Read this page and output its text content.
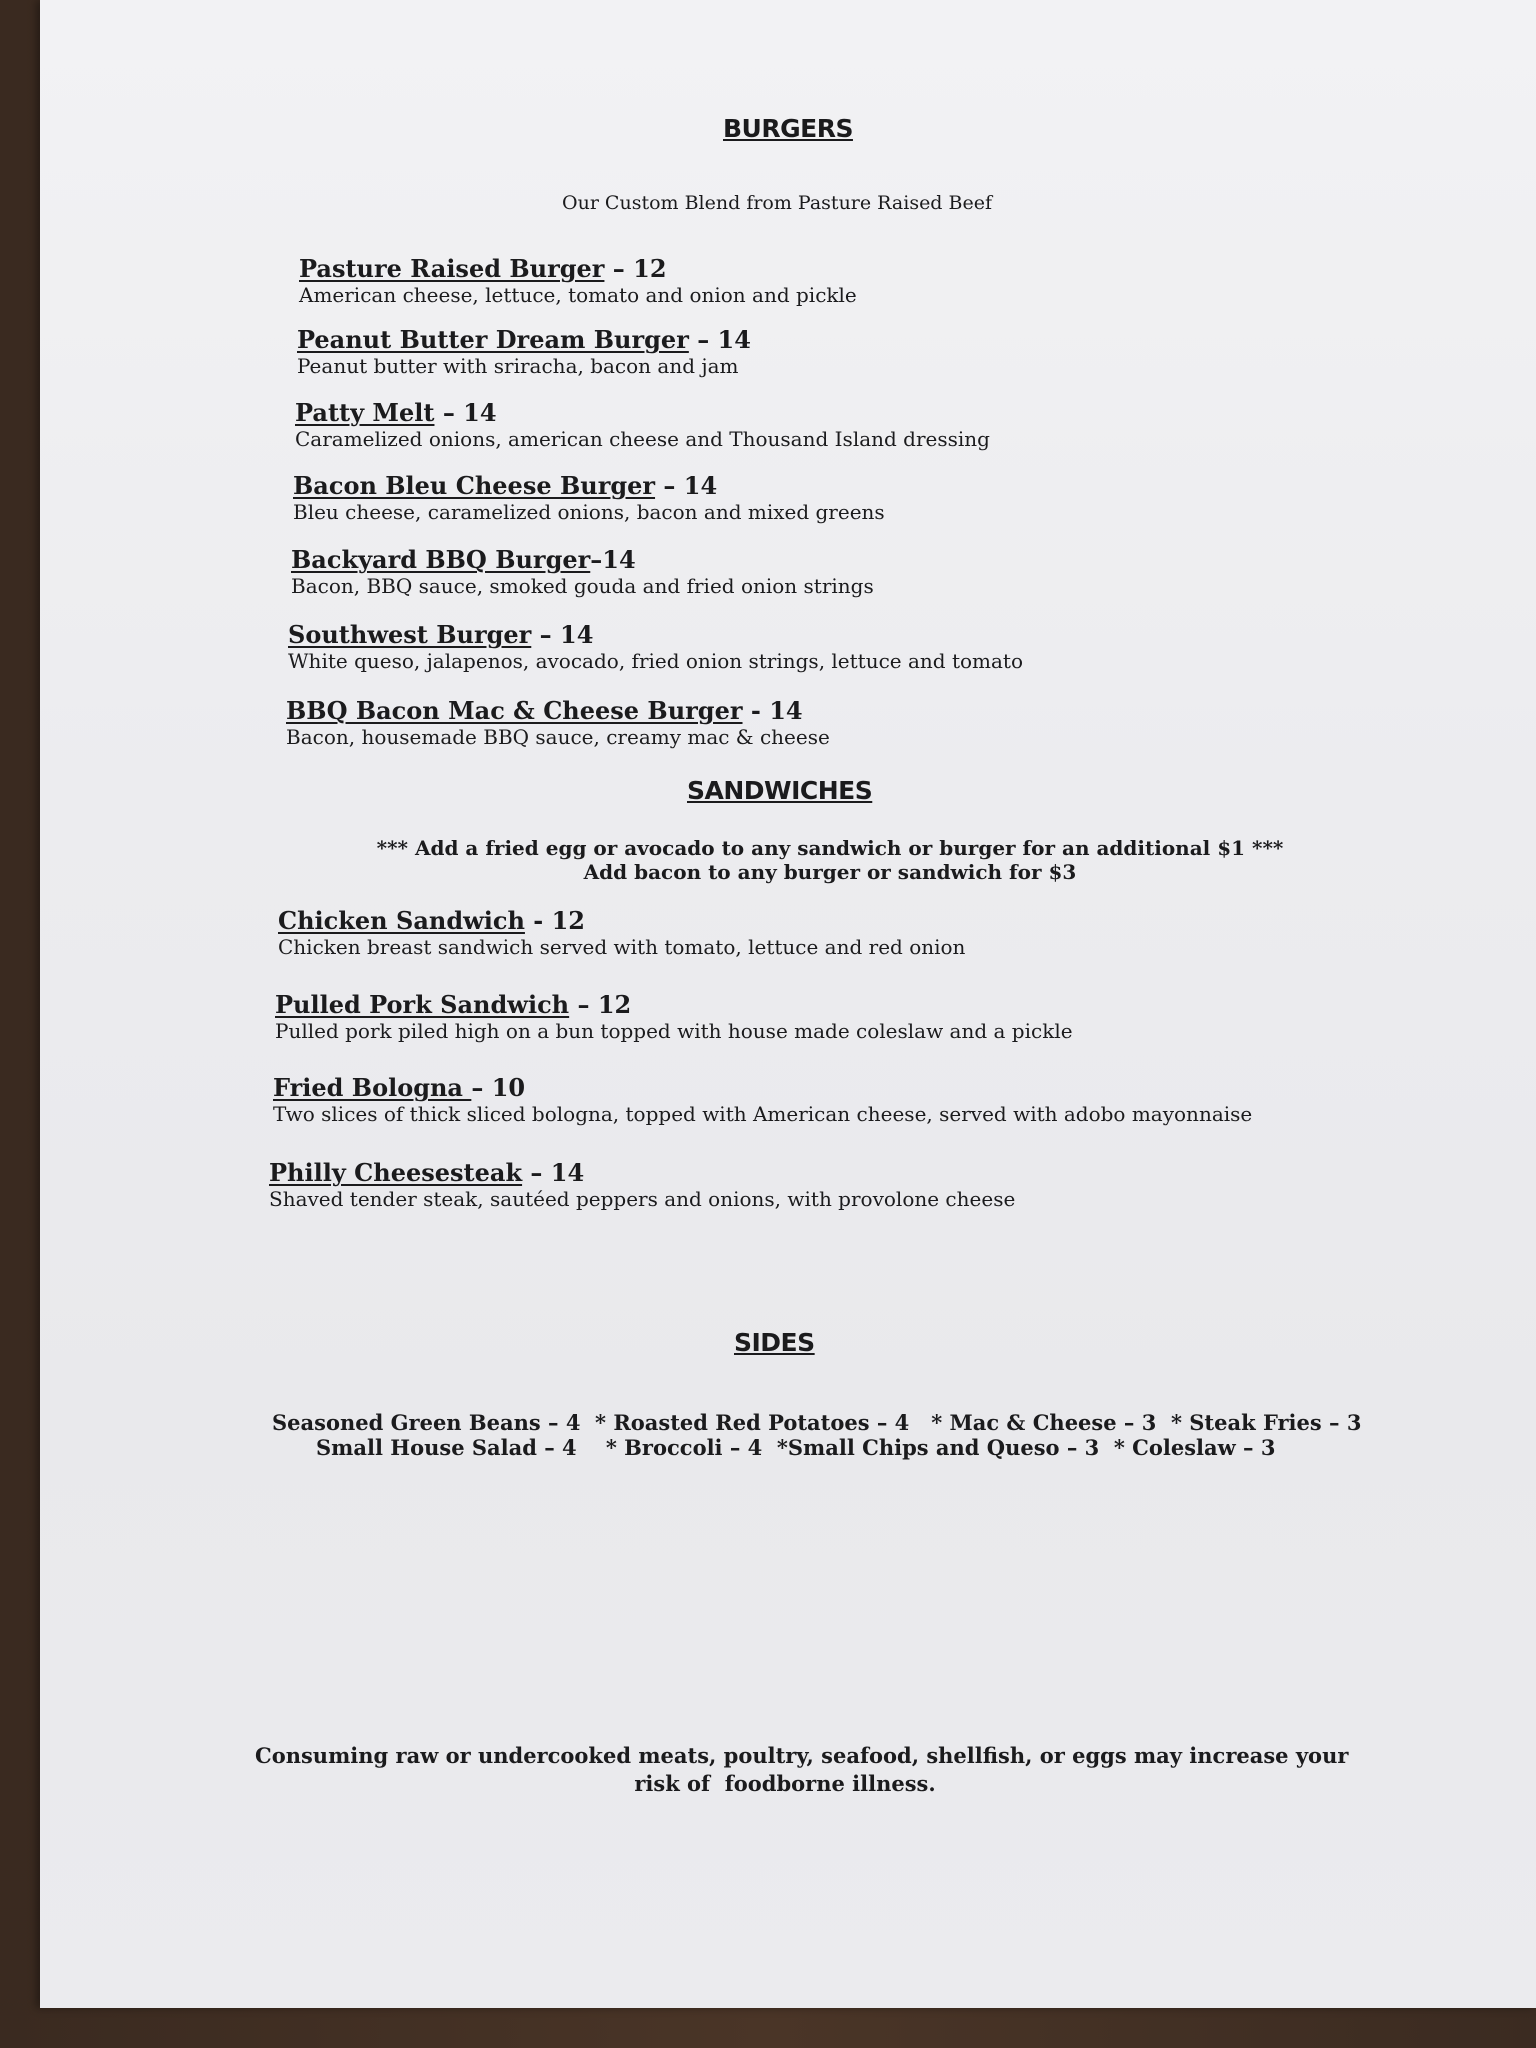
BURGERS
Our Custom Blend from Pasture Raised Beef
Pasture Raised Burger – 12
American cheese, lettuce, tomato and onion and pickle
Peanut Butter Dream Burger – 14
Peanut butter with sriracha, bacon and jam
Patty Melt – 14
Caramelized onions, american cheese and Thousand Island dressing
Bacon Bleu Cheese Burger – 14
Bleu cheese, caramelized onions, bacon and mixed greens
Backyard BBQ Burger–14
Bacon, BBQ sauce, smoked gouda and fried onion strings
Southwest Burger – 14
White queso, jalapenos, avocado, fried onion strings, lettuce and tomato
BBQ Bacon Mac & Cheese Burger - 14
Bacon, housemade BBQ sauce, creamy mac & cheese
SANDWICHES
*** Add a fried egg or avocado to any sandwich or burger for an additional $1 ***
Add bacon to any burger or sandwich for $3
Chicken Sandwich - 12
Chicken breast sandwich served with tomato, lettuce and red onion
Pulled Pork Sandwich – 12
Pulled pork piled high on a bun topped with house made coleslaw and a pickle
Fried Bologna – 10
Two slices of thick sliced bologna, topped with American cheese, served with adobo mayonnaise
Philly Cheesesteak – 14
Shaved tender steak, sautéed peppers and onions, with provolone cheese
SIDES
Seasoned Green Beans – 4  * Roasted Red Potatoes – 4   * Mac & Cheese – 3  * Steak Fries – 3
Small House Salad – 4    * Broccoli – 4  *Small Chips and Queso – 3  * Coleslaw – 3
Consuming raw or undercooked meats, poultry, seafood, shellfish, or eggs may increase your
risk of  foodborne illness.
